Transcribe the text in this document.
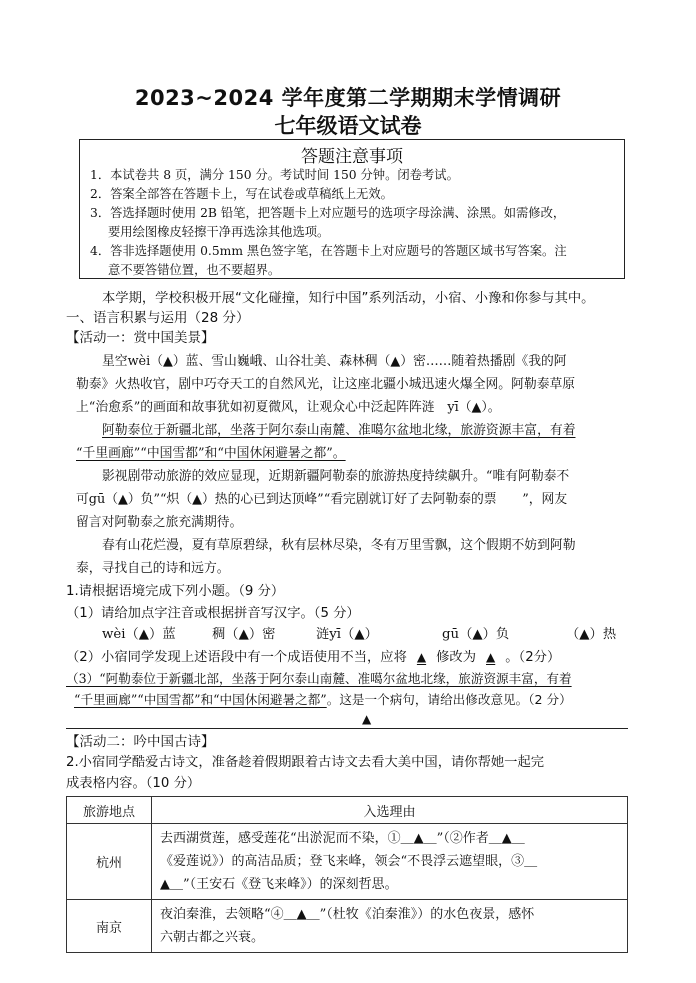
2023~2024 学年度第二学期期末学情调研
七年级语文试卷
答题注意事项
1．本试卷共 8 页，满分 150 分。考试时间 150 分钟。闭卷考试。
2．答案全部答在答题卡上，写在试卷或草稿纸上无效。
3．答选择题时使用 2B 铅笔，把答题卡上对应题号的选项字母涂满、涂黑。如需修改，
要用绘图橡皮轻擦干净再选涂其他选项。
4．答非选择题使用 0.5mm 黑色签字笔，在答题卡上对应题号的答题区域书写答案。注
意不要答错位置，也不要超界。
本学期，学校积极开展“文化碰撞，知行中国”系列活动，小宿、小豫和你参与其中。
一、语言积累与运用（28 分）
【活动一：赏中国美景】
星空wèi（▲）蓝、雪山巍峨、山谷壮美、森林稠（▲）密……随着热播剧《我的阿
勒泰》火热收官，剧中巧夺天工的自然风光，让这座北疆小城迅速火爆全网。阿勒泰草原
上“治愈系”的画面和故事犹如初夏微风，让观众心中泛起阵阵涟　yī（▲）。
阿勒泰位于新疆北部，坐落于阿尔泰山南麓、准噶尔盆地北缘，旅游资源丰富，有着
“千里画廊”“中国雪都”和“中国休闲避暑之都”。
影视剧带动旅游的效应显现，近期新疆阿勒泰的旅游热度持续飙升。“唯有阿勒泰不
可gū（▲）负”“炽（▲）热的心已到达顶峰”“看完剧就订好了去阿勒泰的票　　”，网友
留言对阿勒泰之旅充满期待。
春有山花烂漫，夏有草原碧绿，秋有层林尽染，冬有万里雪飘，这个假期不妨到阿勒
泰，寻找自己的诗和远方。
1.请根据语境完成下列小题。（9 分）
（1）请给加点字注音或根据拼音写汉字。（5 分）
wèi（▲）蓝	稠（▲）密	涟yī（▲）	gū（▲）负	（▲）热
（2）小宿同学发现上述语段中有一个成语使用不当，应将 ▲ 修改为 ▲ 。（2分）
（3）“阿勒泰位于新疆北部，坐落于阿尔泰山南麓、准噶尔盆地北缘，旅游资源丰富，有着
“千里画廊”“中国雪都”和“中国休闲避暑之都”。这是一个病句，请给出修改意见。（2 分）
▲
【活动二：吟中国古诗】
2.小宿同学酷爱古诗文，准备趁着假期跟着古诗文去看大美中国，请你帮她一起完
旅游地点	入选理由
杭州	去西湖赏莲，感受莲花“出淤泥而不染，①＿▲＿”（②作者＿▲＿
《爱莲说》）的高洁品质；登飞来峰，领会“不畏浮云遮望眼，③＿
▲＿”（王安石《登飞来峰》）的深刻哲思。

南京	夜泊秦淮，去领略“④＿▲＿”（杜牧《泊秦淮》）的水色夜景，感怀
六朝古都之兴衰。
成表格内容。（10 分）
